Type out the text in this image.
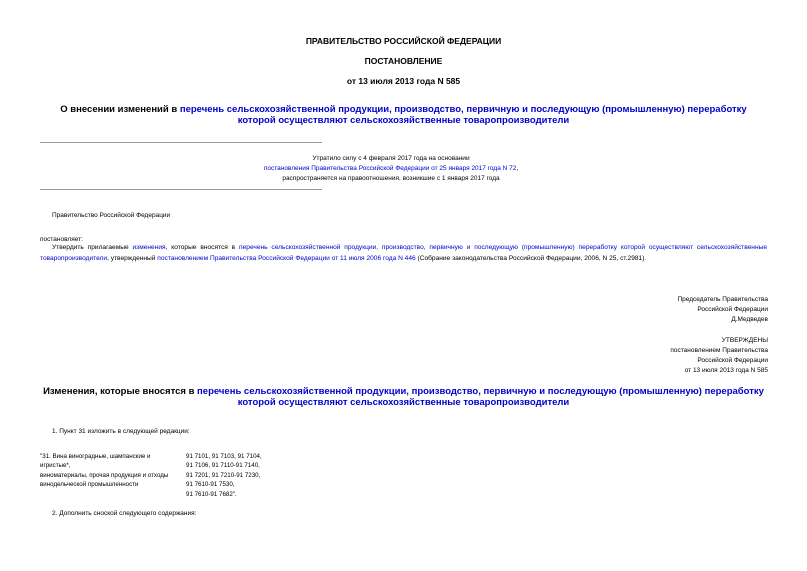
ПРАВИТЕЛЬСТВО РОССИЙСКОЙ ФЕДЕРАЦИИ
ПОСТАНОВЛЕНИЕ
от 13 июля 2013 года N 585
О внесении изменений в перечень сельскохозяйственной продукции, производство, первичную и последующую (промышленную) переработку которой осуществляют сельскохозяйственные товаропроизводители
Утратило силу с 4 февраля 2017 года на основании
постановления Правительства Российской Федерации от 25 января 2017 года N 72,
распространяется на правоотношения, возникшие с 1 января 2017 года
Правительство Российской Федерации
постановляет:
Утвердить прилагаемые изменения, которые вносятся в перечень сельскохозяйственной продукции, производство, первичную и последующую (промышленную) переработку которой осуществляют сельскохозяйственные товаропроизводители, утвержденный постановлением Правительства Российской Федерации от 11 июля 2006 года N 446 (Собрание законодательства Российской Федерации, 2006, N 25, ст.2981).
Председатель Правительства
Российской Федерации
Д.Медведев
УТВЕРЖДЕНЫ
постановлением Правительства
Российской Федерации
от 13 июля 2013 года N 585
Изменения, которые вносятся в перечень сельскохозяйственной продукции, производство, первичную и последующую (промышленную) переработку которой осуществляют сельскохозяйственные товаропроизводители
1. Пункт 31 изложить в следующей редакции:
"31. Вина виноградные, шампанские и
игристые*,
виноматериалы, прочая продукция и отходы
винодельческой промышленности
91 7101, 91 7103, 91 7104,
91 7106, 91 7110-91 7140,
91 7201, 91 7210-91 7230,
91 7610-91 7530,
91 7610-91 7682".
2. Дополнить сноской следующего содержания:
